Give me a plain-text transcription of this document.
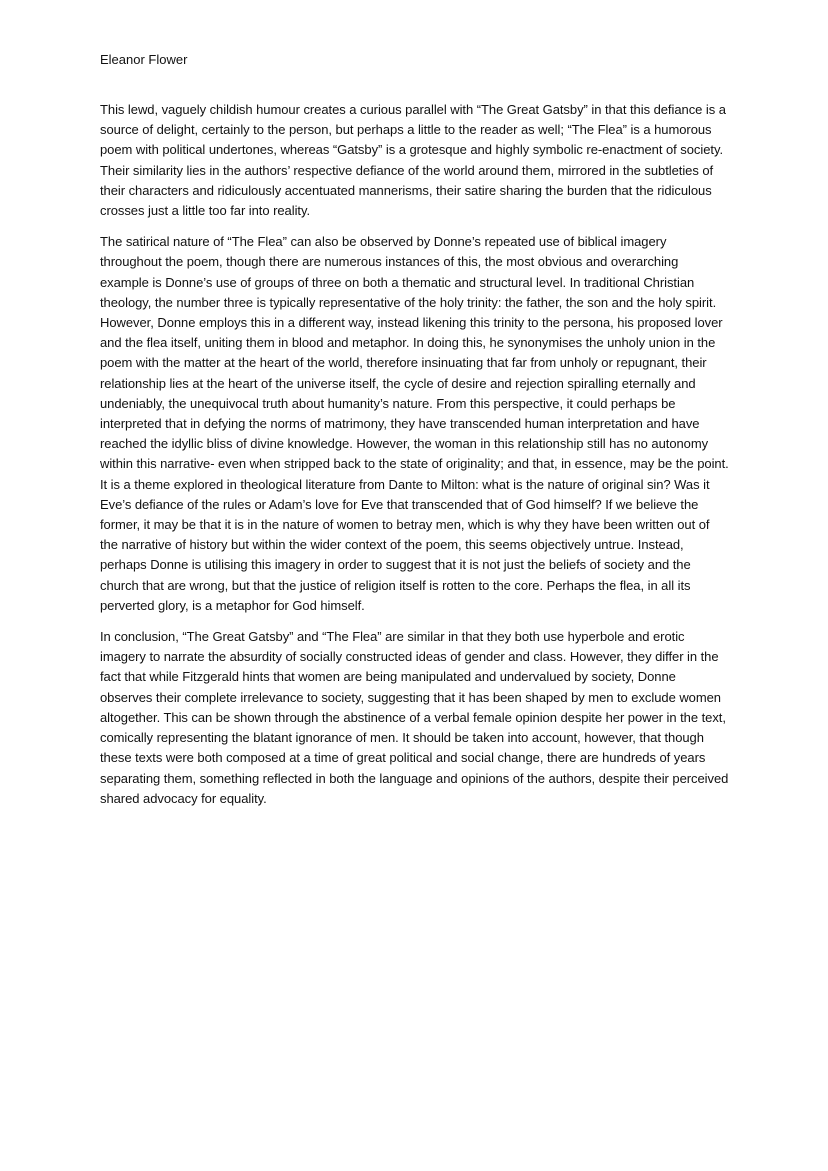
Eleanor Flower

This lewd, vaguely childish humour creates a curious parallel with “The Great Gatsby” in that this defiance is a source of delight, certainly to the person, but perhaps a little to the reader as well; “The Flea” is a humorous poem with political undertones, whereas “Gatsby” is a grotesque and highly symbolic re-enactment of society. Their similarity lies in the authors’ respective defiance of the world around them, mirrored in the subtleties of their characters and ridiculously accentuated mannerisms, their satire sharing the burden that the ridiculous crosses just a little too far into reality.

The satirical nature of “The Flea” can also be observed by Donne’s repeated use of biblical imagery throughout the poem, though there are numerous instances of this, the most obvious and overarching example is Donne’s use of groups of three on both a thematic and structural level. In traditional Christian theology, the number three is typically representative of the holy trinity: the father, the son and the holy spirit. However, Donne employs this in a different way, instead likening this trinity to the persona, his proposed lover and the flea itself, uniting them in blood and metaphor. In doing this, he synonymises the unholy union in the poem with the matter at the heart of the world, therefore insinuating that far from unholy or repugnant, their relationship lies at the heart of the universe itself, the cycle of desire and rejection spiralling eternally and undeniably, the unequivocal truth about humanity’s nature. From this perspective, it could perhaps be interpreted that in defying the norms of matrimony, they have transcended human interpretation and have reached the idyllic bliss of divine knowledge. However, the woman in this relationship still has no autonomy within this narrative- even when stripped back to the state of originality; and that, in essence, may be the point. It is a theme explored in theological literature from Dante to Milton: what is the nature of original sin? Was it Eve’s defiance of the rules or Adam’s love for Eve that transcended that of God himself? If we believe the former, it may be that it is in the nature of women to betray men, which is why they have been written out of the narrative of history but within the wider context of the poem, this seems objectively untrue. Instead, perhaps Donne is utilising this imagery in order to suggest that it is not just the beliefs of society and the church that are wrong, but that the justice of religion itself is rotten to the core. Perhaps the flea, in all its perverted glory, is a metaphor for God himself.

In conclusion, “The Great Gatsby” and “The Flea” are similar in that they both use hyperbole and erotic imagery to narrate the absurdity of socially constructed ideas of gender and class. However, they differ in the fact that while Fitzgerald hints that women are being manipulated and undervalued by society, Donne observes their complete irrelevance to society, suggesting that it has been shaped by men to exclude women altogether. This can be shown through the abstinence of a verbal female opinion despite her power in the text, comically representing the blatant ignorance of men. It should be taken into account, however, that though these texts were both composed at a time of great political and social change, there are hundreds of years separating them, something reflected in both the language and opinions of the authors, despite their perceived shared advocacy for equality.
